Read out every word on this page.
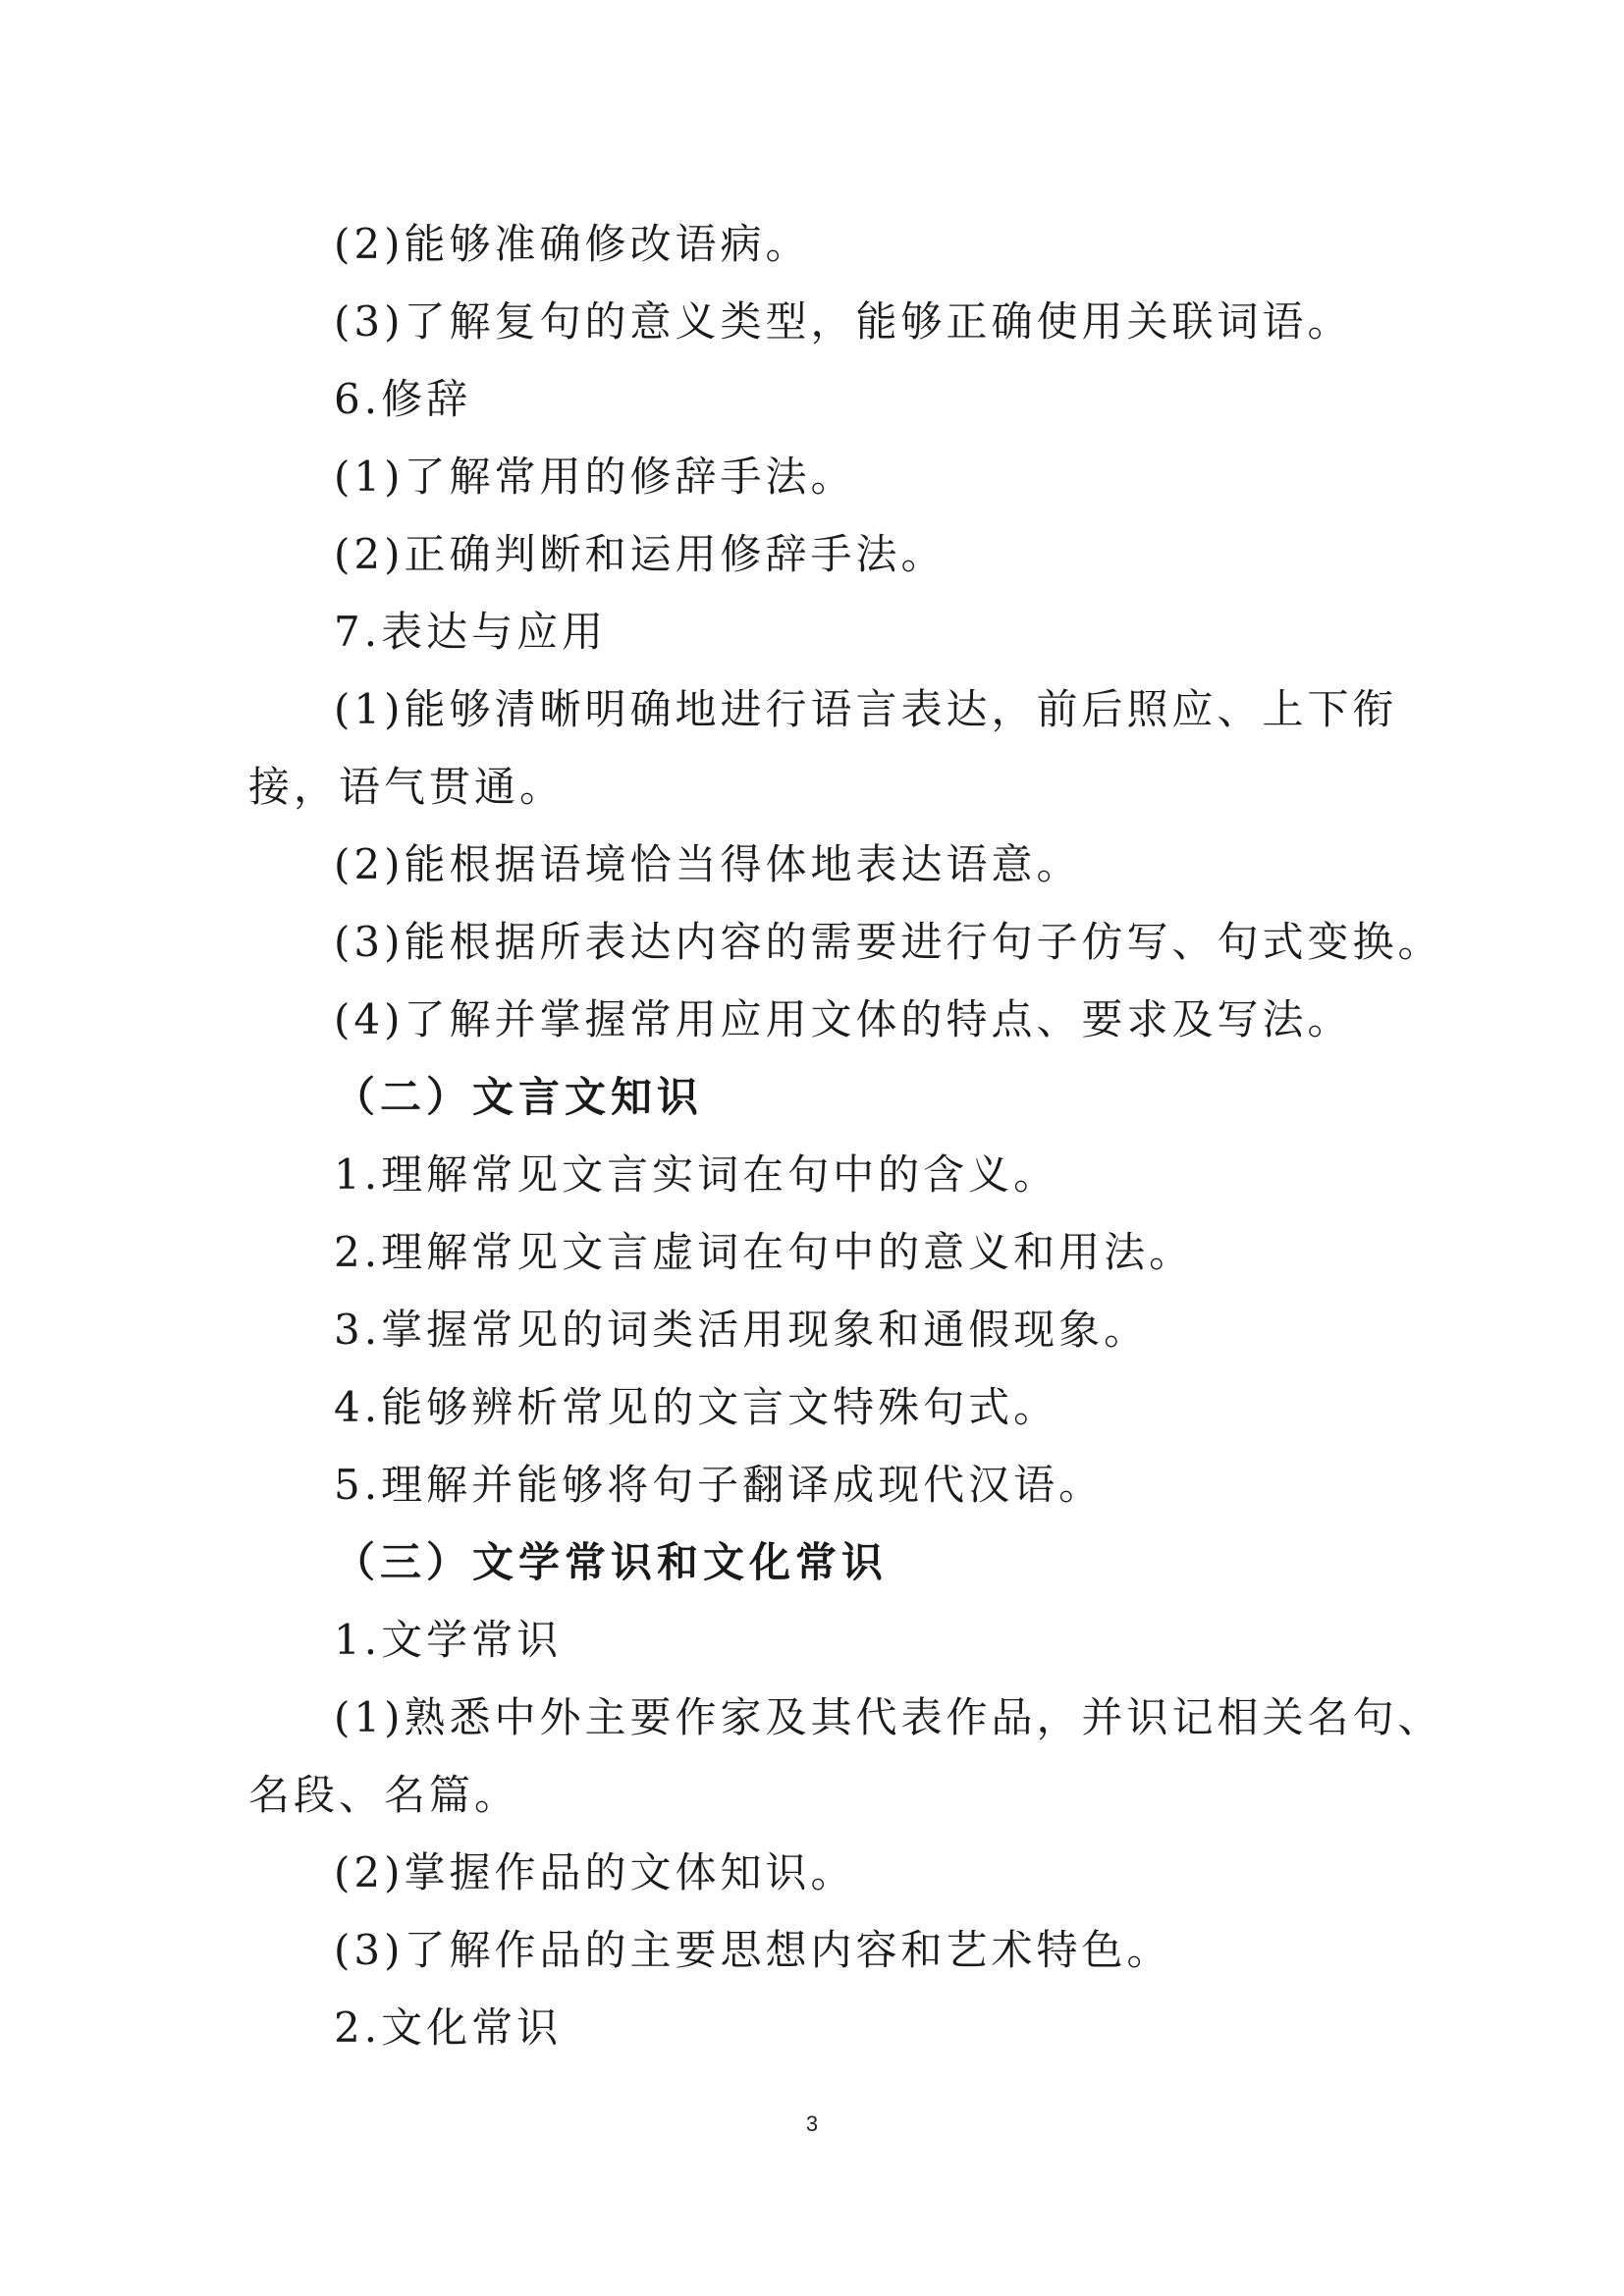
(2)能够准确修改语病。
(3)了解复句的意义类型，能够正确使用关联词语。
6.修辞
(1)了解常用的修辞手法。
(2)正确判断和运用修辞手法。
7.表达与应用
(1)能够清晰明确地进行语言表达，前后照应、上下衔
接，语气贯通。
(2)能根据语境恰当得体地表达语意。
(3)能根据所表达内容的需要进行句子仿写、句式变换。
(4)了解并掌握常用应用文体的特点、要求及写法。
（二）文言文知识
1.理解常见文言实词在句中的含义。
2.理解常见文言虚词在句中的意义和用法。
3.掌握常见的词类活用现象和通假现象。
4.能够辨析常见的文言文特殊句式。
5.理解并能够将句子翻译成现代汉语。
（三）文学常识和文化常识
1.文学常识
(1)熟悉中外主要作家及其代表作品，并识记相关名句、
名段、名篇。
(2)掌握作品的文体知识。
(3)了解作品的主要思想内容和艺术特色。
2.文化常识
3
